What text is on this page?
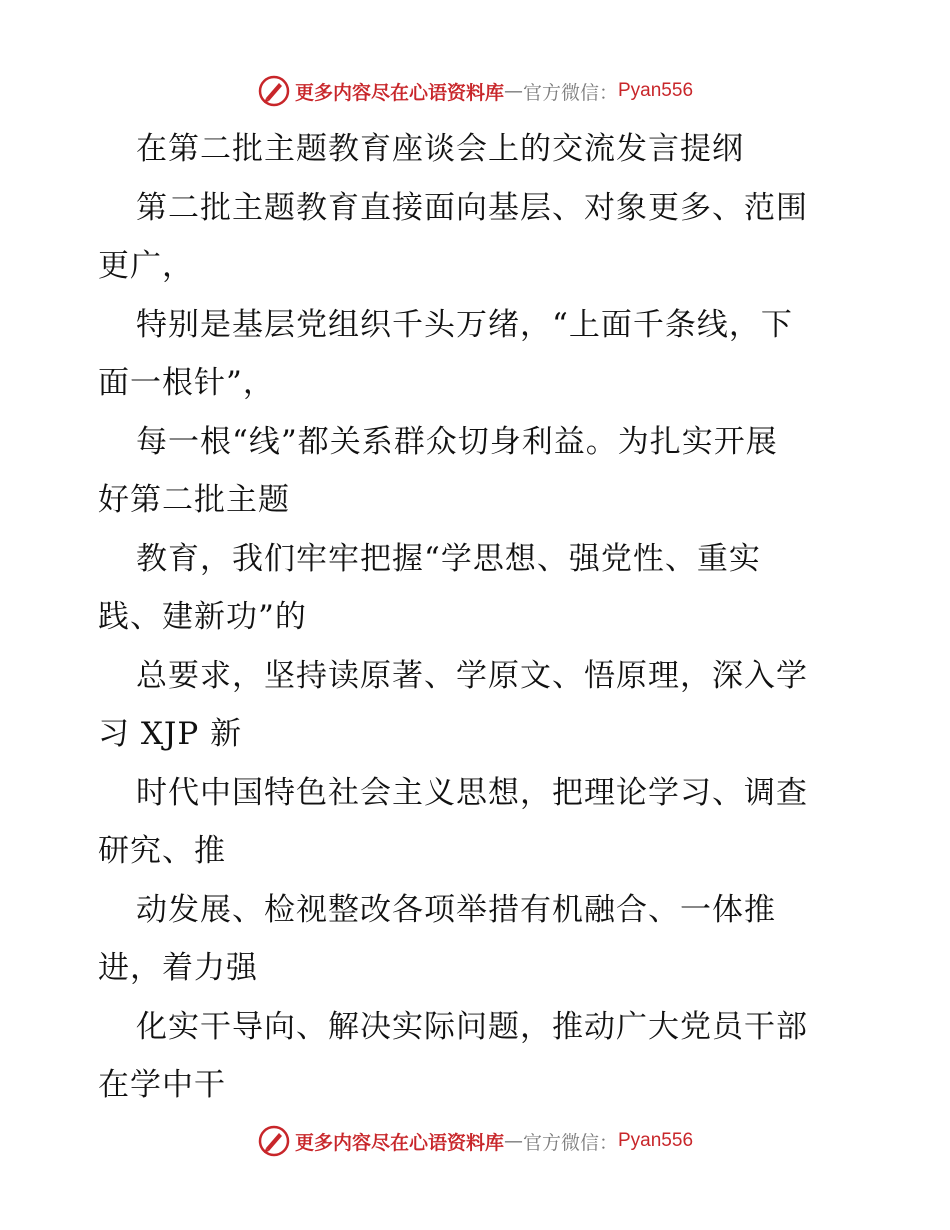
更多内容尽在心语资料库 — 官方微信： Pyan556
在第二批主题教育座谈会上的交流发言提纲
第二批主题教育直接面向基层、对象更多、范围
更广，
特别是基层党组织千头万绪，“上面千条线，下
面一根针”，
每一根“线”都关系群众切身利益。为扎实开展
好第二批主题
教育，我们牢牢把握“学思想、强党性、重实
践、建新功”的
总要求，坚持读原著、学原文、悟原理，深入学
习 XJP 新
时代中国特色社会主义思想，把理论学习、调查
研究、推
动发展、检视整改各项举措有机融合、一体推
进，着力强
化实干导向、解决实际问题，推动广大党员干部
在学中干
更多内容尽在心语资料库 — 官方微信： Pyan556
